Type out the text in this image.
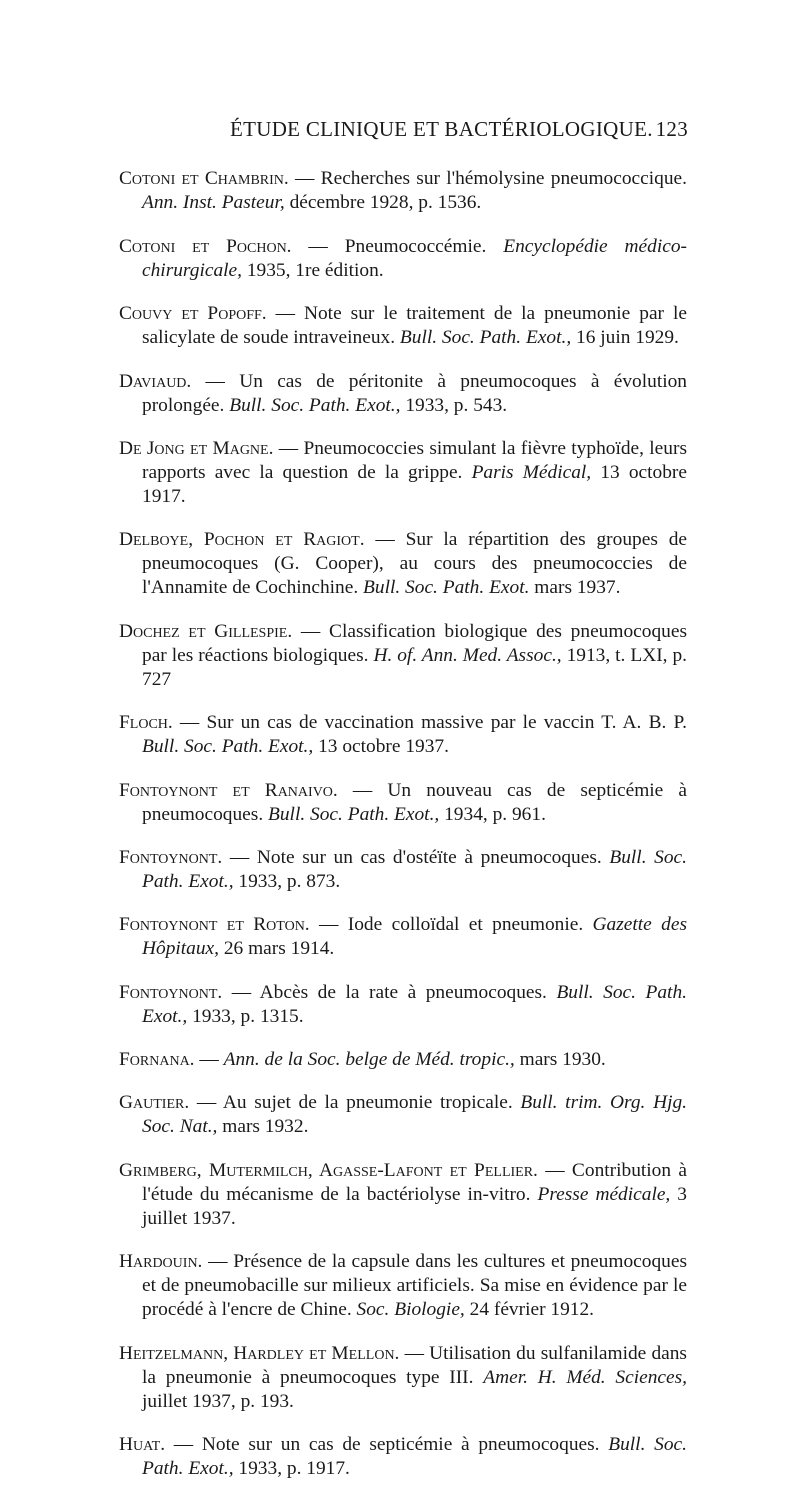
ÉTUDE CLINIQUE ET BACTÉRIOLOGIQUE. 123

Cotoni et Chambrin. — Recherches sur l'hémolysine pneumococcique. Ann. Inst. Pasteur, décembre 1928, p. 1536.

Cotoni et Pochon. — Pneumococcémie. Encyclopédie médico-chirurgicale, 1935, 1re édition.

Couvy et Popoff. — Note sur le traitement de la pneumonie par le salicylate de soude intraveineux. Bull. Soc. Path. Exot., 16 juin 1929.

Daviaud. — Un cas de péritonite à pneumocoques à évolution prolongée. Bull. Soc. Path. Exot., 1933, p. 543.

De Jong et Magne. — Pneumococcies simulant la fièvre typhoïde, leurs rapports avec la question de la grippe. Paris Médical, 13 octobre 1917.

Delboye, Pochon et Ragiot. — Sur la répartition des groupes de pneumocoques (G. Cooper), au cours des pneumococcies de l'Annamite de Cochinchine. Bull. Soc. Path. Exot. mars 1937.

Dochez et Gillespie. — Classification biologique des pneumocoques par les réactions biologiques. H. of. Ann. Med. Assoc., 1913, t. LXI, p. 727

Floch. — Sur un cas de vaccination massive par le vaccin T. A. B. P. Bull. Soc. Path. Exot., 13 octobre 1937.

Fontoynont et Ranaivo. — Un nouveau cas de septicémie à pneumocoques. Bull. Soc. Path. Exot., 1934, p. 961.

Fontoynont. — Note sur un cas d'ostéïte à pneumocoques. Bull. Soc. Path. Exot., 1933, p. 873.

Fontoynont et Roton. — Iode colloïdal et pneumonie. Gazette des Hôpitaux, 26 mars 1914.

Fontoynont. — Abcès de la rate à pneumocoques. Bull. Soc. Path. Exot., 1933, p. 1315.

Fornana. — Ann. de la Soc. belge de Méd. tropic., mars 1930.

Gautier. — Au sujet de la pneumonie tropicale. Bull. trim. Org. Hjg. Soc. Nat., mars 1932.

Grimberg, Mutermilch, Agasse-Lafont et Pellier. — Contribution à l'étude du mécanisme de la bactériolyse in-vitro. Presse médicale, 3 juillet 1937.

Hardouin. — Présence de la capsule dans les cultures et pneumocoques et de pneumobacille sur milieux artificiels. Sa mise en évidence par le procédé à l'encre de Chine. Soc. Biologie, 24 février 1912.

Heitzelmann, Hardley et Mellon. — Utilisation du sulfanilamide dans la pneumonie à pneumocoques type III. Amer. H. Méd. Sciences, juillet 1937, p. 193.

Huat. — Note sur un cas de septicémie à pneumocoques. Bull. Soc. Path. Exot., 1933, p. 1917.
